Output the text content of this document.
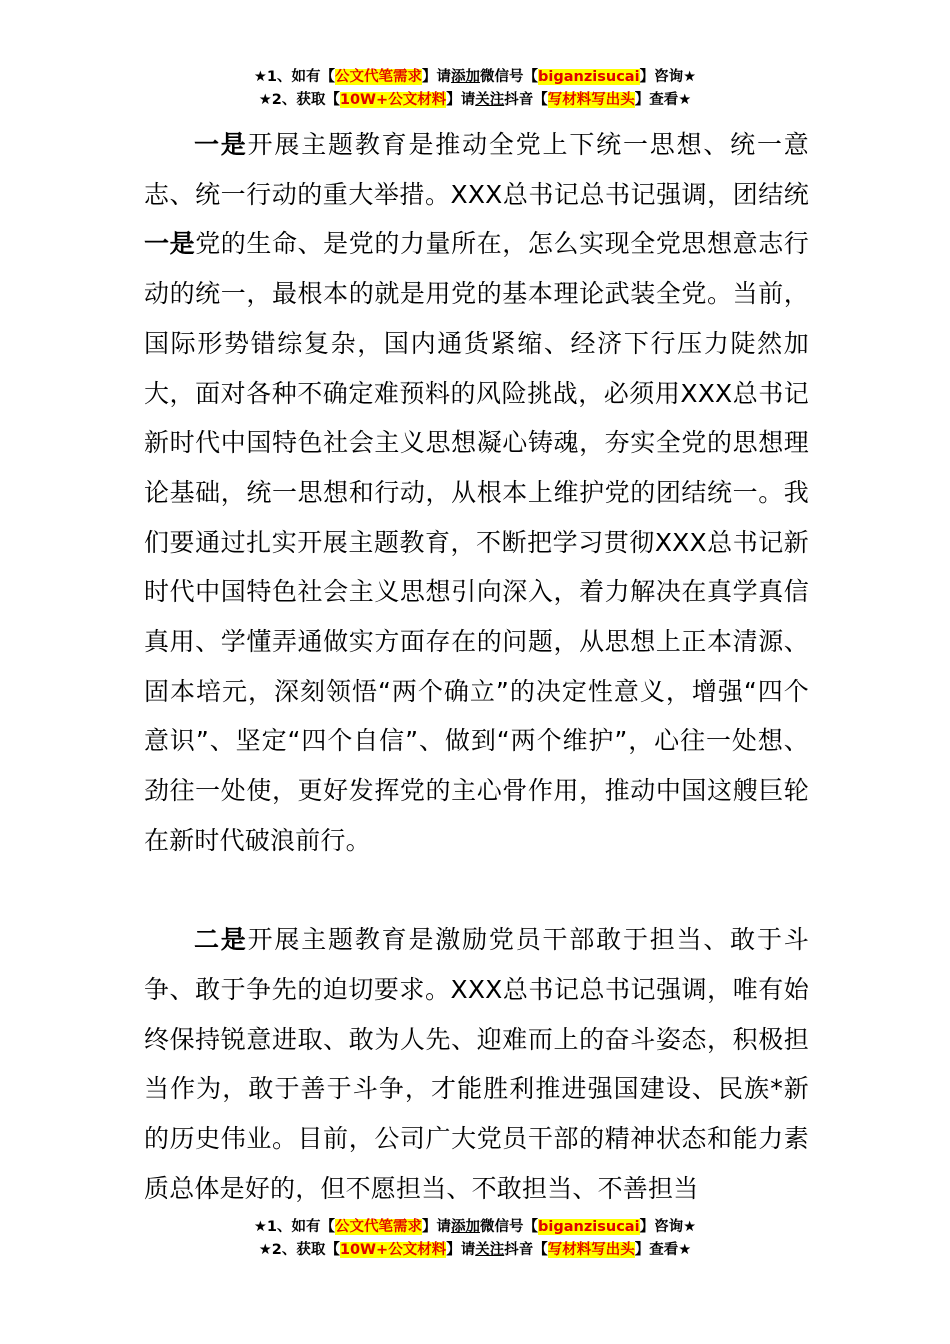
★1、如有【公文代笔需求】请添加微信号【biganzisucai】咨询★
★2、获取【10W+公文材料】请关注抖音【写材料写出头】查看★

一是开展主题教育是推动全党上下统一思想、统一意志、统一行动的重大举措。XXX总书记总书记强调，团结统一是党的生命、是党的力量所在，怎么实现全党思想意志行动的统一，最根本的就是用党的基本理论武装全党。当前，国际形势错综复杂，国内通货紧缩、经济下行压力陡然加大，面对各种不确定难预料的风险挑战，必须用XXX总书记新时代中国特色社会主义思想凝心铸魂，夯实全党的思想理论基础，统一思想和行动，从根本上维护党的团结统一。我们要通过扎实开展主题教育，不断把学习贯彻XXX总书记新时代中国特色社会主义思想引向深入，着力解决在真学真信真用、学懂弄通做实方面存在的问题，从思想上正本清源、固本培元，深刻领悟“两个确立”的决定性意义，增强“四个意识”、坚定“四个自信”、做到“两个维护”，心往一处想、劲往一处使，更好发挥党的主心骨作用，推动中国这艘巨轮在新时代破浪前行。

二是开展主题教育是激励党员干部敢于担当、敢于斗争、敢于争先的迫切要求。XXX总书记总书记强调，唯有始终保持锐意进取、敢为人先、迎难而上的奋斗姿态，积极担当作为，敢于善于斗争，才能胜利推进强国建设、民族*新的历史伟业。目前，公司广大党员干部的精神状态和能力素质总体是好的，但不愿担当、不敢担当、不善担当

★1、如有【公文代笔需求】请添加微信号【biganzisucai】咨询★
★2、获取【10W+公文材料】请关注抖音【写材料写出头】查看★
